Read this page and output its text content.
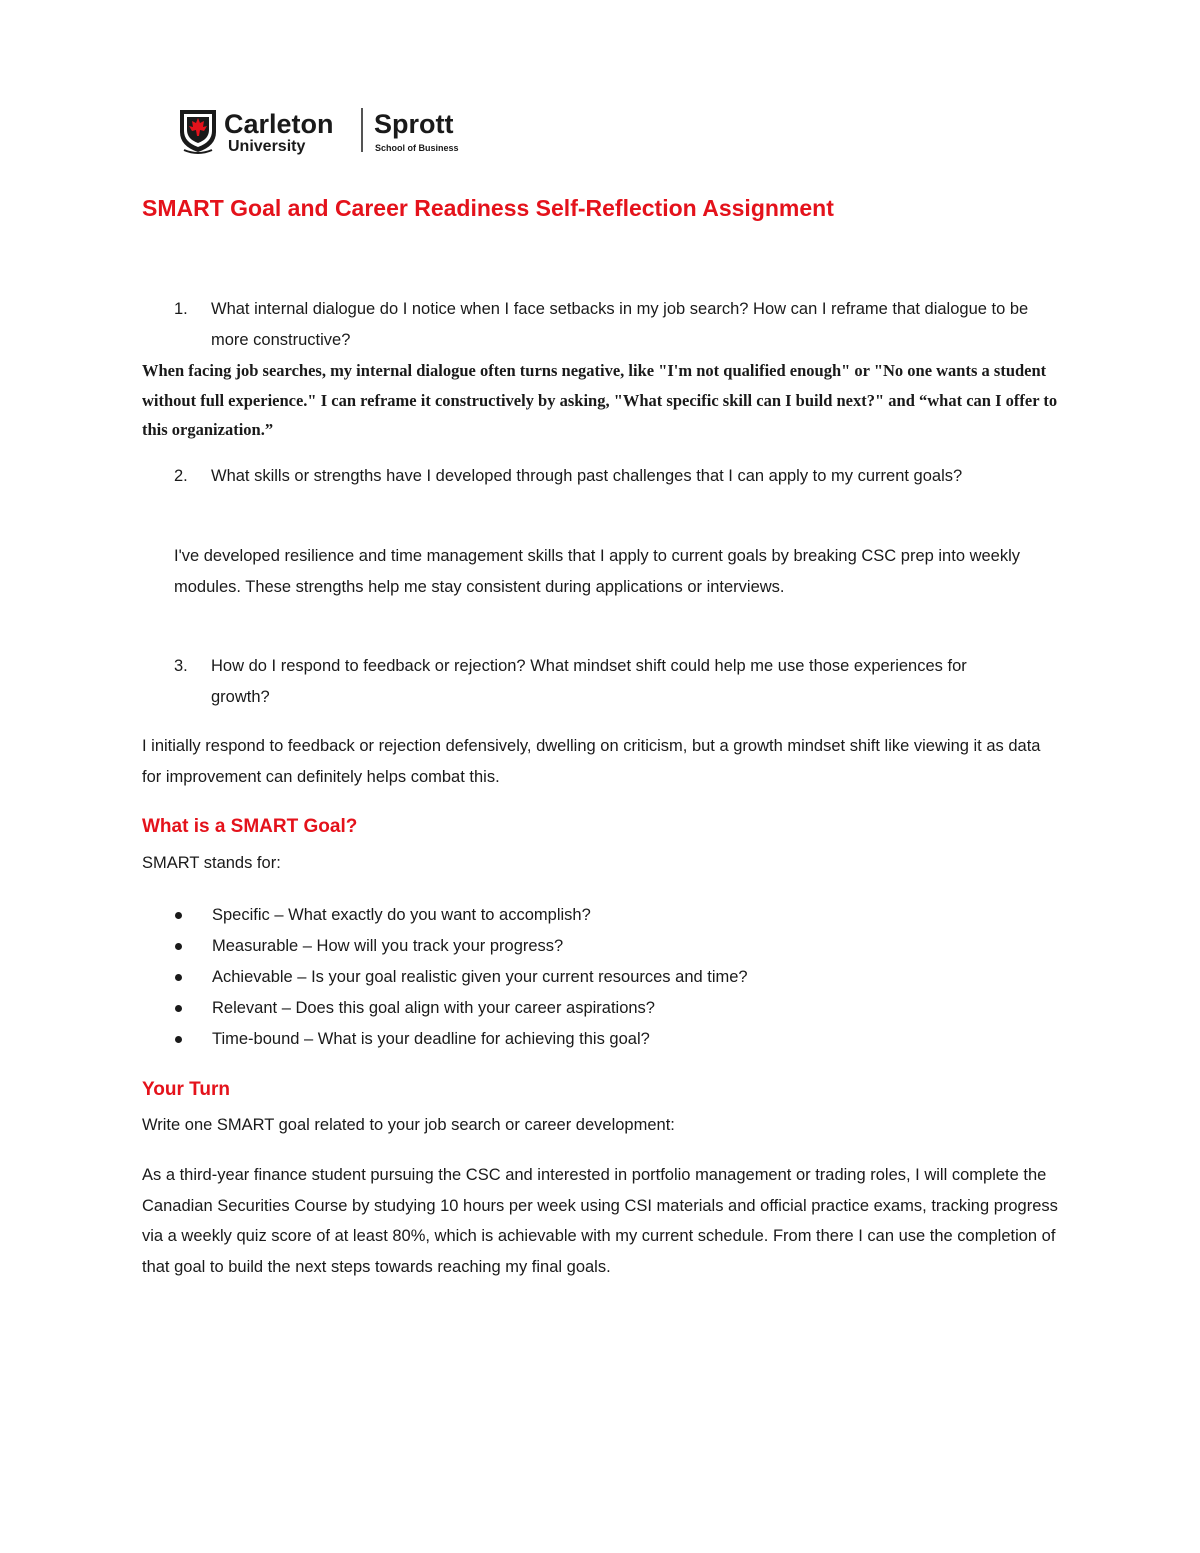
Carleton
University
Sprott
School of Business
SMART Goal and Career Readiness Self-Reflection Assignment
1. What internal dialogue do I notice when I face setbacks in my job search? How can I reframe that dialogue to be more constructive?
When facing job searches, my internal dialogue often turns negative, like "I'm not qualified enough" or "No one wants a student without full experience." I can reframe it constructively by asking, "What specific skill can I build next?" and “what can I offer to this organization.”
2. What skills or strengths have I developed through past challenges that I can apply to my current goals?
I've developed resilience and time management skills that I apply to current goals by breaking CSC prep into weekly modules. These strengths help me stay consistent during applications or interviews.
3. How do I respond to feedback or rejection? What mindset shift could help me use those experiences for growth?
I initially respond to feedback or rejection defensively, dwelling on criticism, but a growth mindset shift like viewing it as data for improvement can definitely helps combat this.
What is a SMART Goal?
SMART stands for:
Specific – What exactly do you want to accomplish?
Measurable – How will you track your progress?
Achievable – Is your goal realistic given your current resources and time?
Relevant – Does this goal align with your career aspirations?
Time-bound – What is your deadline for achieving this goal?
Your Turn
Write one SMART goal related to your job search or career development:
As a third-year finance student pursuing the CSC and interested in portfolio management or trading roles, I will complete the Canadian Securities Course by studying 10 hours per week using CSI materials and official practice exams, tracking progress via a weekly quiz score of at least 80%, which is achievable with my current schedule. From there I can use the completion of that goal to build the next steps towards reaching my final goals.
